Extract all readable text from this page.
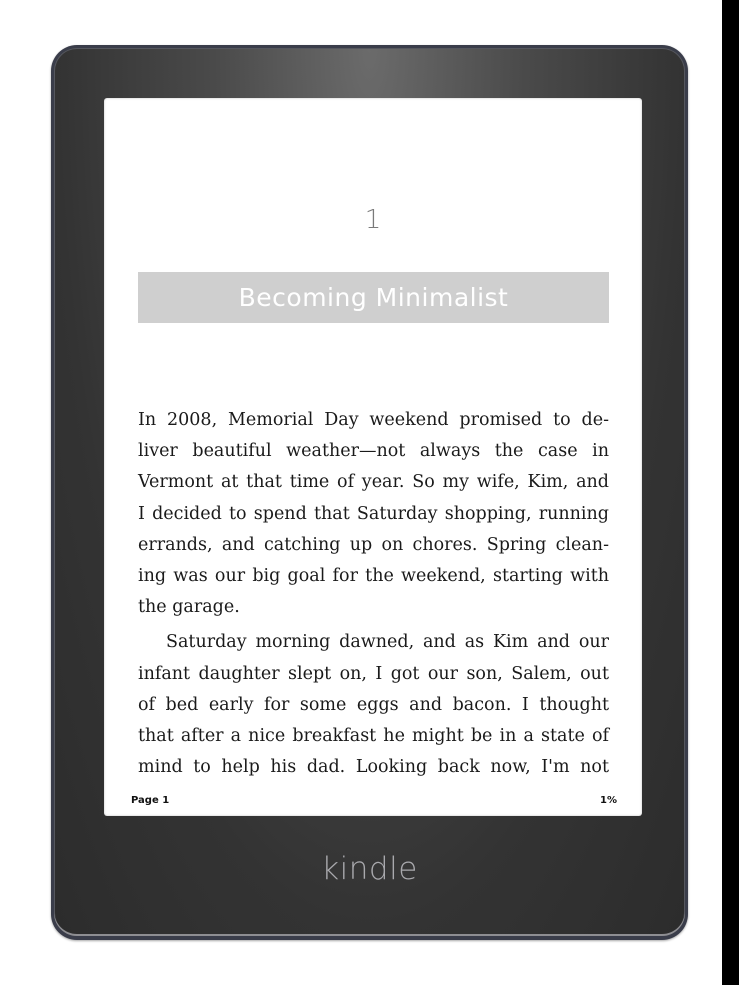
1
Becoming Minimalist
In 2008, Memorial Day weekend promised to de-
liver beautiful weather—not always the case in
Vermont at that time of year. So my wife, Kim, and
I decided to spend that Saturday shopping, running
errands, and catching up on chores. Spring clean-
ing was our big goal for the weekend, starting with
the garage.
Saturday morning dawned, and as Kim and our
infant daughter slept on, I got our son, Salem, out
of bed early for some eggs and bacon. I thought
that after a nice breakfast he might be in a state of
mind to help his dad. Looking back now, I'm not
Page 1	1%
kindle
